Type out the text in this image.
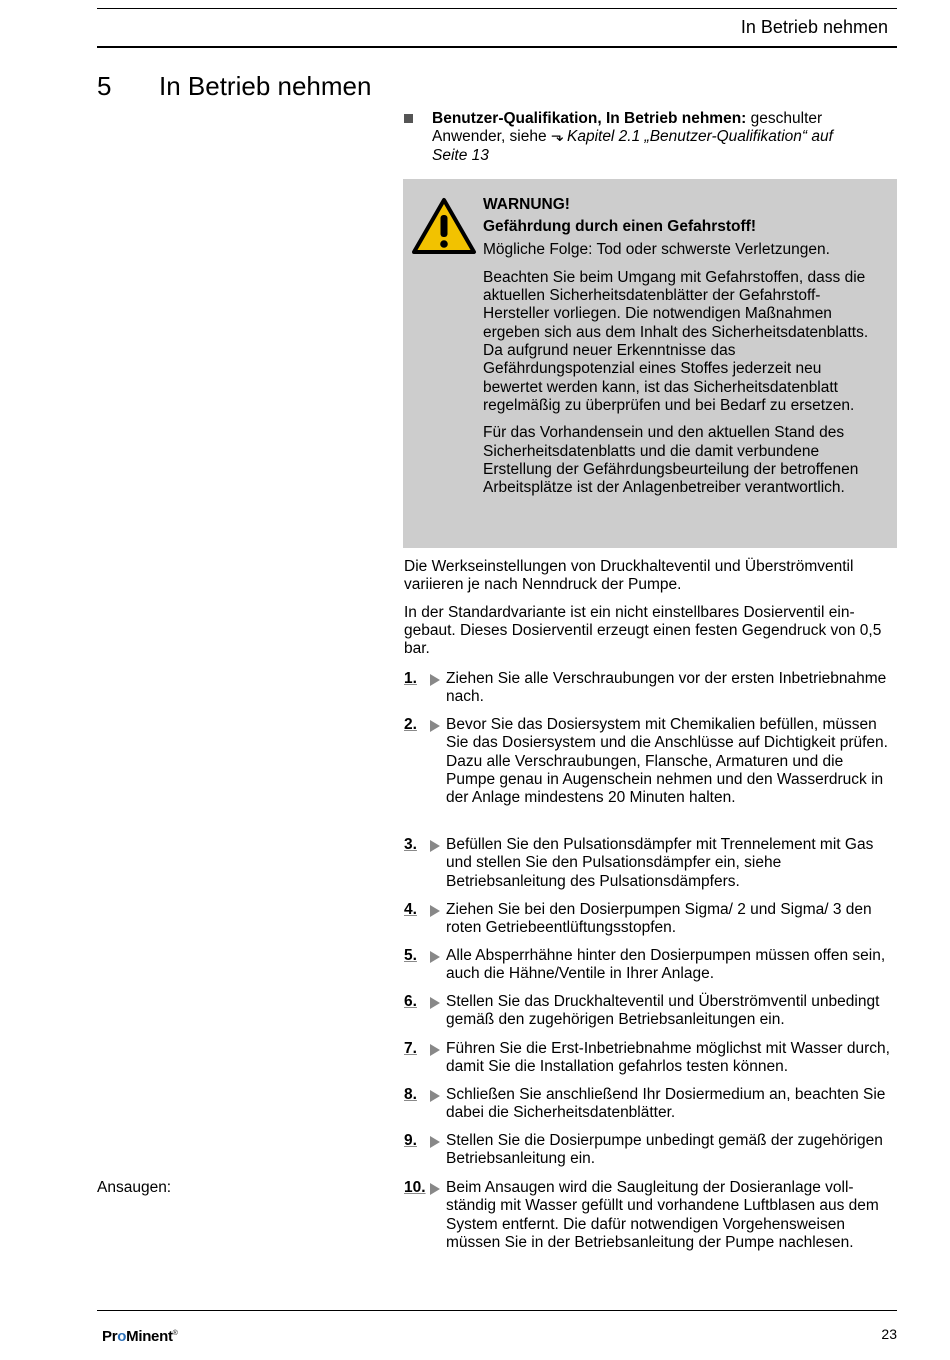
In Betrieb nehmen
5 In Betrieb nehmen
Benutzer-Qualifikation, In Betrieb nehmen: geschulter Anwender, siehe ⬎ Kapitel 2.1 „Benutzer-Qualifikation“ auf Seite 13

WARNUNG!

Gefährdung durch einen Gefahrstoff!

Mögliche Folge: Tod oder schwerste Verletzungen.

Beachten Sie beim Umgang mit Gefahrstoffen, dass die aktuellen Sicherheitsdatenblätter der Gefahrstoff-Hersteller vorliegen. Die notwendigen Maßnahmen ergeben sich aus dem Inhalt des Sicherheitsdatenblatts. Da aufgrund neuer Erkenntnisse das Gefährdungspotenzial eines Stoffes jederzeit neu bewertet werden kann, ist das Sicherheitsdatenblatt regelmäßig zu überprüfen und bei Bedarf zu ersetzen.

Für das Vorhandensein und den aktuellen Stand des Sicherheitsdatenblatts und die damit verbundene Erstellung der Gefährdungsbeurteilung der betroffenen Arbeitsplätze ist der Anlagenbetreiber verantwortlich.

Die Werkseinstellungen von Druckhalteventil und Überströmventil variieren je nach Nenndruck der Pumpe.

In der Standardvariante ist ein nicht einstellbares Dosierventil eingebaut. Dieses Dosierventil erzeugt einen festen Gegendruck von 0,5 bar.

1.	Ziehen Sie alle Verschraubungen vor der ersten Inbetriebnahme nach.
2.	Bevor Sie das Dosiersystem mit Chemikalien befüllen, müssen Sie das Dosiersystem und die Anschlüsse auf Dichtigkeit prüfen. Dazu alle Verschraubungen, Flansche, Armaturen und die Pumpe genau in Augenschein nehmen und den Wasserdruck in der Anlage mindestens 20 Minuten halten.
3.	Befüllen Sie den Pulsationsdämpfer mit Trennelement mit Gas und stellen Sie den Pulsationsdämpfer ein, siehe Betriebsanleitung des Pulsationsdämpfers.
4.	Ziehen Sie bei den Dosierpumpen Sigma/ 2 und Sigma/ 3 den roten Getriebeentlüftungsstopfen.
5.	Alle Absperrhähne hinter den Dosierpumpen müssen offen sein, auch die Hähne/Ventile in Ihrer Anlage.
6.	Stellen Sie das Druckhalteventil und Überströmventil unbedingt gemäß den zugehörigen Betriebsanleitungen ein.
7.	Führen Sie die Erst-Inbetriebnahme möglichst mit Wasser durch, damit Sie die Installation gefahrlos testen können.
8.	Schließen Sie anschließend Ihr Dosiermedium an, beachten Sie dabei die Sicherheitsdatenblätter.
9.	Stellen Sie die Dosierpumpe unbedingt gemäß der zugehörigen Betriebsanleitung ein.
10.	Beim Ansaugen wird die Saugleitung der Dosieranlage vollständig mit Wasser gefüllt und vorhandene Luftblasen aus dem System entfernt. Die dafür notwendigen Vorgehensweisen müssen Sie in der Betriebsanleitung der Pumpe nachlesen.
Ansaugen:
ProMinent®	23
